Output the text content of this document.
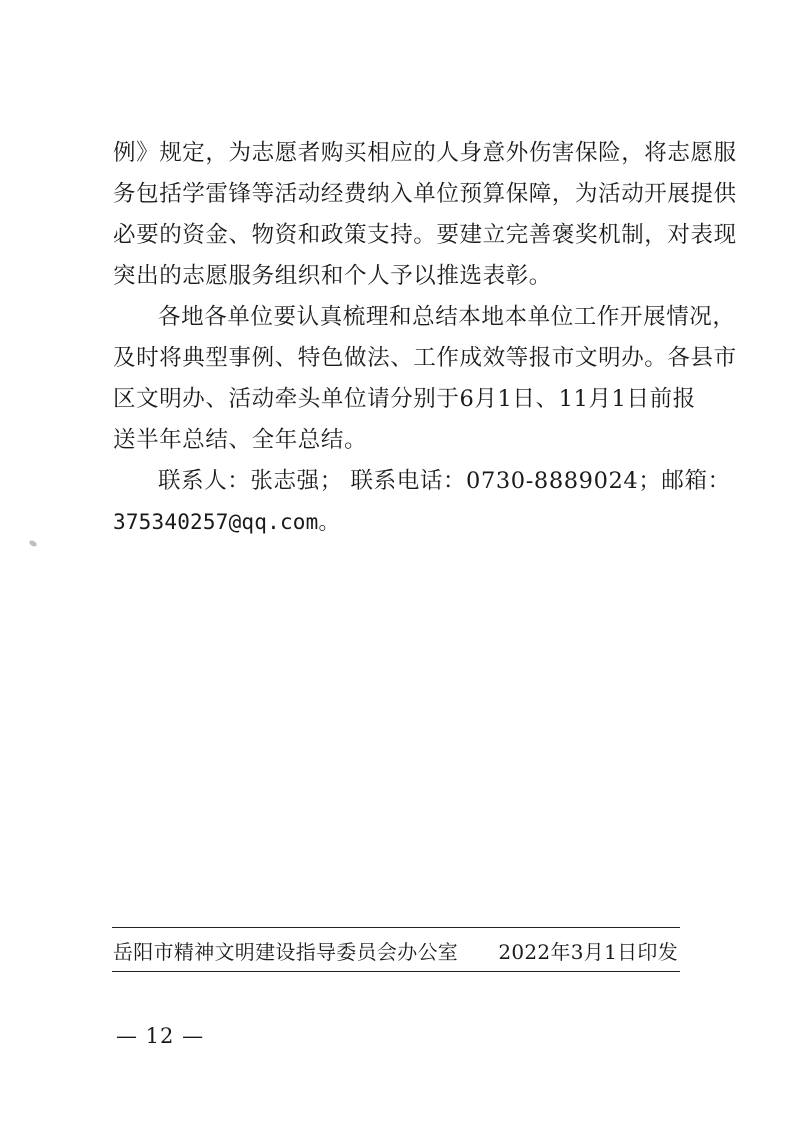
例》规定，为志愿者购买相应的人身意外伤害保险，将志愿服
务包括学雷锋等活动经费纳入单位预算保障，为活动开展提供
必要的资金、物资和政策支持。要建立完善褒奖机制，对表现
突出的志愿服务组织和个人予以推选表彰。
各地各单位要认真梳理和总结本地本单位工作开展情况，
及时将典型事例、特色做法、工作成效等报市文明办。各县市
区文明办、活动牵头单位请分别于6月1日、11月1日前报
送半年总结、全年总结。
联系人：张志强； 联系电话：0730-8889024；邮箱：
375340257@qq.com。
岳阳市精神文明建设指导委员会办公室 2022年3月1日印发
— 12 —
